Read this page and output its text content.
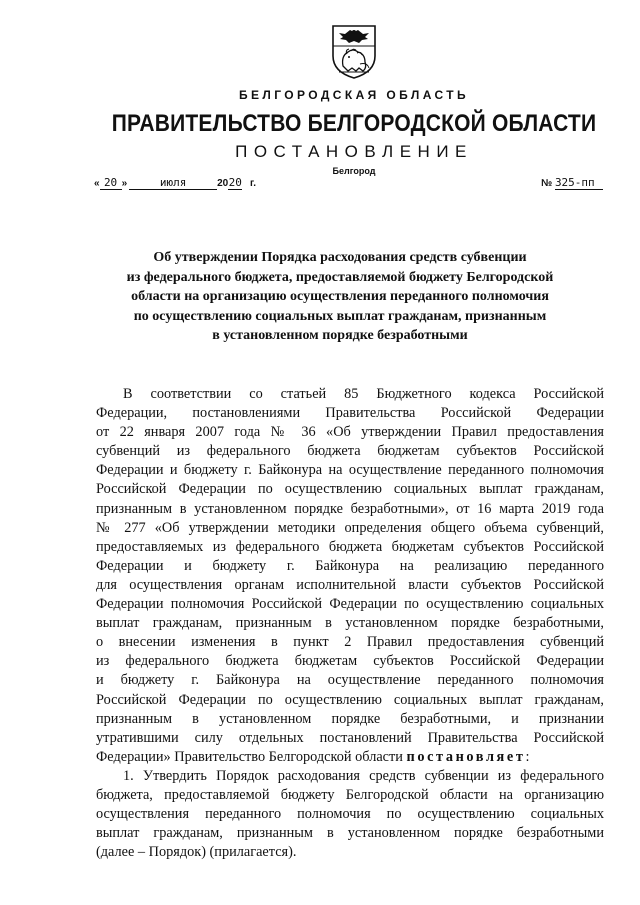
БЕЛГОРОДСКАЯ ОБЛАСТЬ
ПРАВИТЕЛЬСТВО БЕЛГОРОДСКОЙ ОБЛАСТИ
ПОСТАНОВЛЕНИЕ
Белгород
« 20 »	июля	2020 г.	№ 325-пп
Об утверждении Порядка расходования средств субвенции
из федерального бюджета, предоставляемой бюджету Белгородской
области на организацию осуществления переданного полномочия
по осуществлению социальных выплат гражданам, признанным
в установленном порядке безработными
В соответствии со статьей 85 Бюджетного кодекса Российской
Федерации, постановлениями Правительства Российской Федерации
от 22 января 2007 года № 36 «Об утверждении Правил предоставления
субвенций из федерального бюджета бюджетам субъектов Российской
Федерации и бюджету г. Байконура на осуществление переданного полномочия
Российской Федерации по осуществлению социальных выплат гражданам,
признанным в установленном порядке безработными», от 16 марта 2019 года
№ 277 «Об утверждении методики определения общего объема субвенций,
предоставляемых из федерального бюджета бюджетам субъектов Российской
Федерации и бюджету г. Байконура на реализацию переданного
для осуществления органам исполнительной власти субъектов Российской
Федерации полномочия Российской Федерации по осуществлению социальных
выплат гражданам, признанным в установленном порядке безработными,
о внесении изменения в пункт 2 Правил предоставления субвенций
из федерального бюджета бюджетам субъектов Российской Федерации
и бюджету г. Байконура на осуществление переданного полномочия
Российской Федерации по осуществлению социальных выплат гражданам,
признанным в установленном порядке безработными, и признании
утратившими силу отдельных постановлений Правительства Российской
Федерации» Правительство Белгородской области постановляет:
1. Утвердить Порядок расходования средств субвенции из федерального
бюджета, предоставляемой бюджету Белгородской области на организацию
осуществления переданного полномочия по осуществлению социальных
выплат гражданам, признанным в установленном порядке безработными
(далее – Порядок) (прилагается).
